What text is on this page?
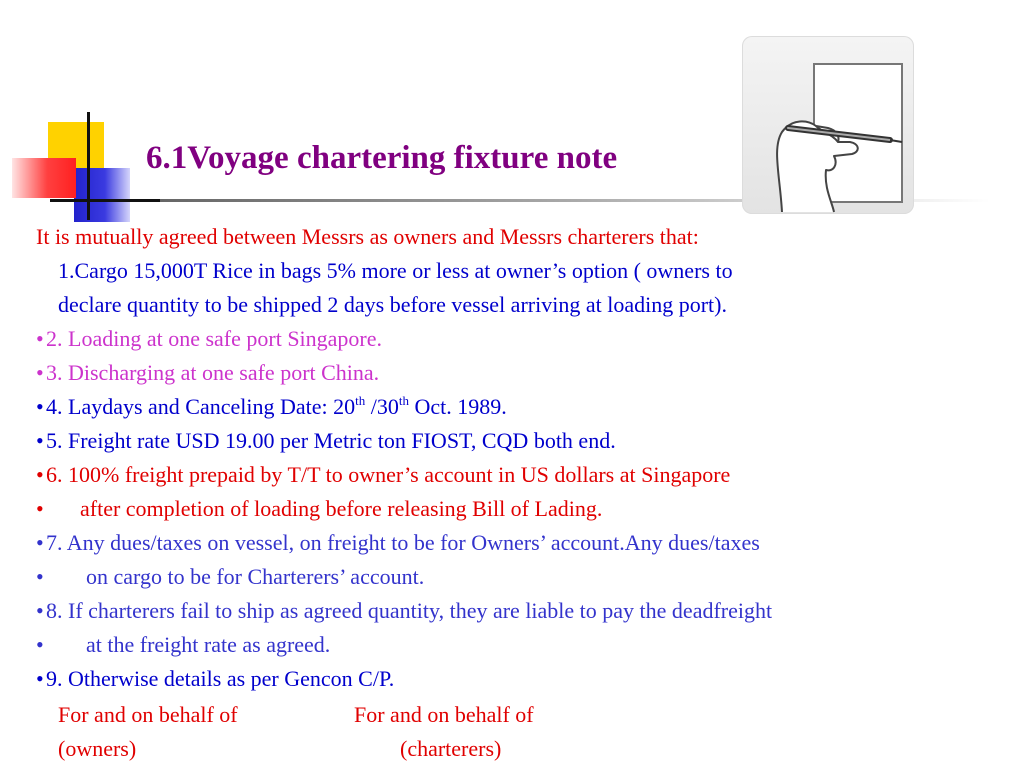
6.1Voyage chartering fixture note
It is mutually agreed between Messrs as owners and Messrs charterers that:
1.Cargo 15,000T Rice in bags 5% more or less at owner’s option ( owners to
declare quantity to be shipped 2 days before vessel arriving at loading port).
• 2. Loading at one safe port Singapore.
• 3. Discharging at one safe port China.
• 4. Laydays and Canceling Date: 20th /30th Oct. 1989.
• 5. Freight rate USD 19.00 per Metric ton FIOST, CQD both end.
• 6. 100% freight prepaid by T/T to owner’s account in US dollars at Singapore
• after completion of loading before releasing Bill of Lading.
• 7. Any dues/taxes on vessel, on freight to be for Owners’ account.Any dues/taxes
• on cargo to be for Charterers’ account.
• 8. If charterers fail to ship as agreed quantity, they are liable to pay the deadfreight
• at the freight rate as agreed.
• 9. Otherwise details as per Gencon C/P.
For and on behalf of	For and on behalf of
(owners)	(charterers)
